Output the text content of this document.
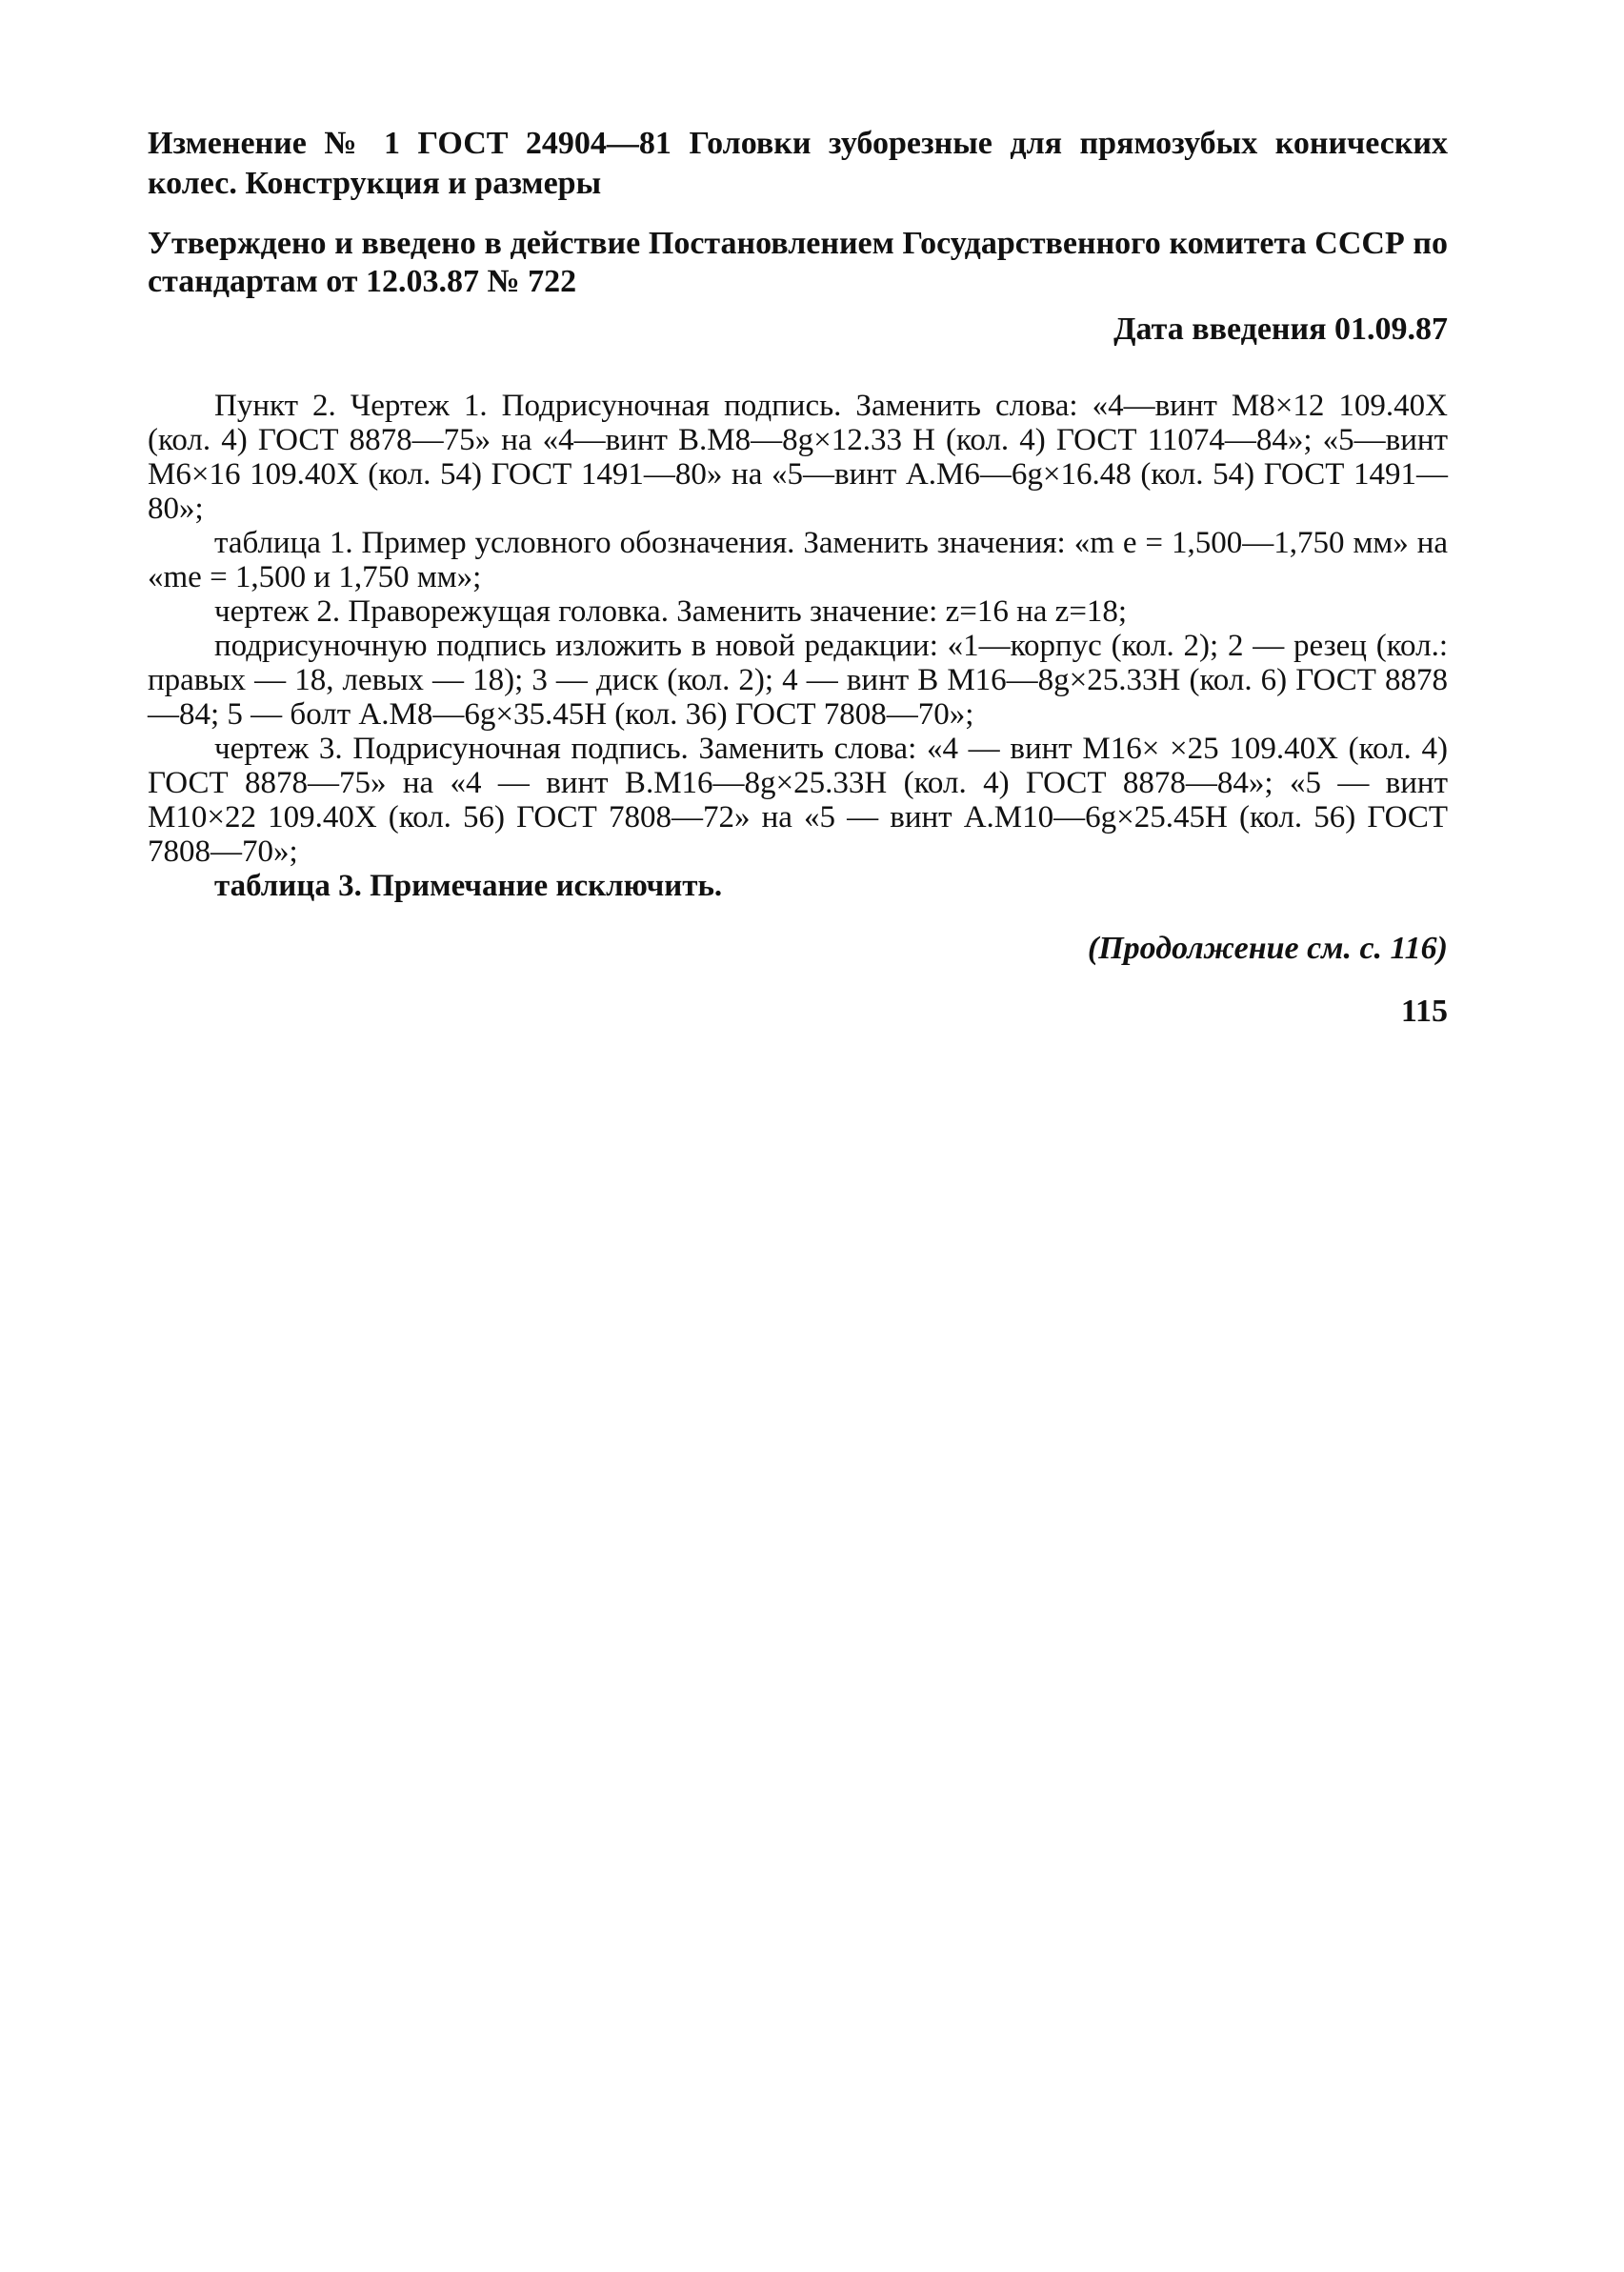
Изменение № 1 ГОСТ 24904—81 Головки зуборезные для прямозубых конических колес. Конструкция и размеры

Утверждено и введено в действие Постановлением Государственного комитета СССР по стандартам от 12.03.87 № 722
Дата введения 01.09.87

Пункт 2. Чертеж 1. Подрисуночная подпись. Заменить слова: «4—винт М8×12 109.40Х (кол. 4) ГОСТ 8878—75» на «4—винт В.М8—8g×12.33 Н (кол. 4) ГОСТ 11074—84»; «5—винт М6×16 109.40Х (кол. 54) ГОСТ 1491—80» на «5—винт А.М6—6g×16.48 (кол. 54) ГОСТ 1491—80»;

таблица 1. Пример условного обозначения. Заменить значения: «m e = 1,500—1,750 мм» на «me = 1,500 и 1,750 мм»;

чертеж 2. Праворежущая головка. Заменить значение: z=16 на z=18;

подрисуночную подпись изложить в новой редакции: «1—корпус (кол. 2); 2 — резец (кол.: правых — 18, левых — 18); 3 — диск (кол. 2); 4 — винт В М16—8g×25.33Н (кол. 6) ГОСТ 8878—84; 5 — болт А.М8—6g×35.45Н (кол. 36) ГОСТ 7808—70»;

чертеж 3. Подрисуночная подпись. Заменить слова: «4 — винт М16× ×25 109.40Х (кол. 4) ГОСТ 8878—75» на «4 — винт В.М16—8g×25.33Н (кол. 4) ГОСТ 8878—84»; «5 — винт М10×22 109.40Х (кол. 56) ГОСТ 7808—72» на «5 — винт А.М10—6g×25.45Н (кол. 56) ГОСТ 7808—70»;

таблица 3. Примечание исключить.

(Продолжение см. с. 116)
115
